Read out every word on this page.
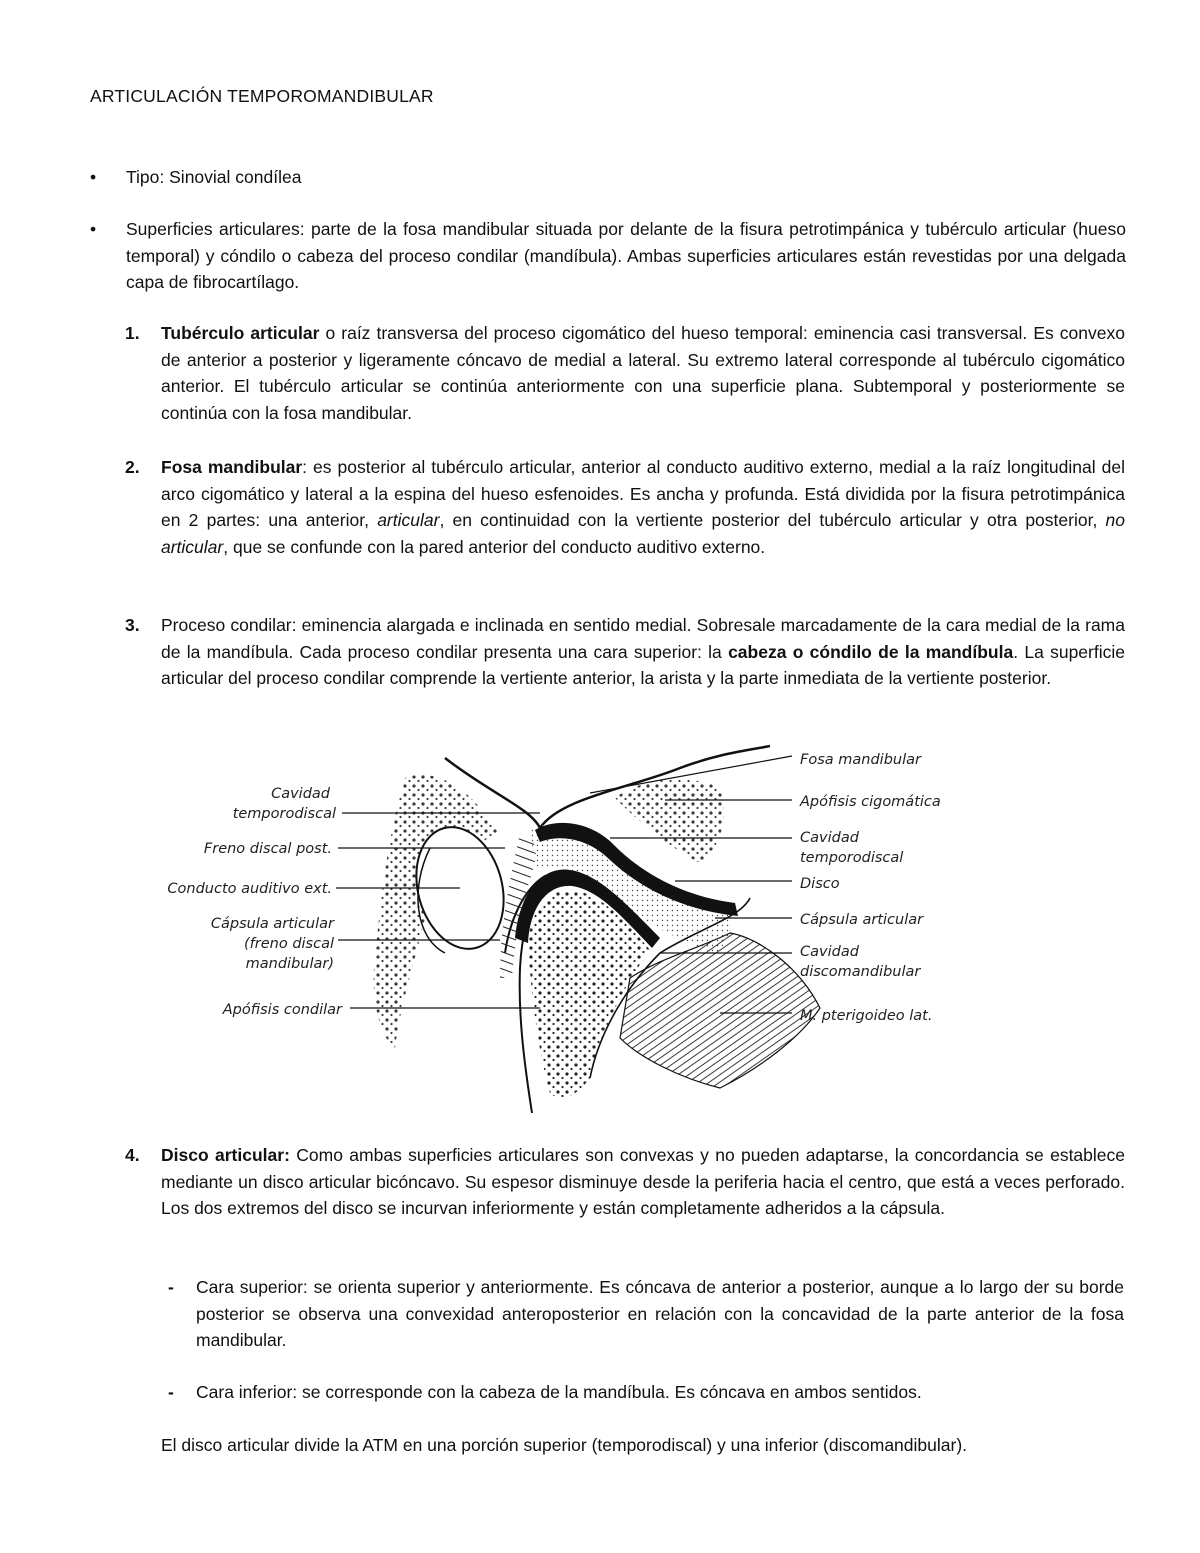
ARTICULACIÓN TEMPOROMANDIBULAR
•	Tipo: Sinovial condílea
•	Superficies articulares: parte de la fosa mandibular situada por delante de la fisura petrotimpánica y tubérculo articular (hueso temporal) y cóndilo o cabeza del proceso condilar (mandíbula). Ambas superficies articulares están revestidas por una delgada capa de fibrocartílago.
1. Tubérculo articular o raíz transversa del proceso cigomático del hueso temporal: eminencia casi transversal. Es convexo de anterior a posterior y ligeramente cóncavo de medial a lateral. Su extremo lateral corresponde al tubérculo cigomático anterior. El tubérculo articular se continúa anteriormente con una superficie plana. Subtemporal y posteriormente se continúa con la fosa mandibular.
2. Fosa mandibular: es posterior al tubérculo articular, anterior al conducto auditivo externo, medial a la raíz longitudinal del arco cigomático y lateral a la espina del hueso esfenoides. Es ancha y profunda. Está dividida por la fisura petrotimpánica en 2 partes: una anterior, articular, en continuidad con la vertiente posterior del tubérculo articular y otra posterior, no articular, que se confunde con la pared anterior del conducto auditivo externo.
3. Proceso condilar: eminencia alargada e inclinada en sentido medial. Sobresale marcadamente de la cara medial de la rama de la mandíbula. Cada proceso condilar presenta una cara superior: la cabeza o cóndilo de la mandíbula. La superficie articular del proceso condilar comprende la vertiente anterior, la arista y la parte inmediata de la vertiente posterior.
Cavidad
temporodiscal
Freno discal post.
Conducto auditivo ext.
Cápsula articular
(freno discal
mandibular)
Apófisis condilar
Fosa mandibular
Apófisis cigomática
Cavidad
temporodiscal
Disco
Cápsula articular
Cavidad
discomandibular
M. pterigoideo lat.
4. Disco articular: Como ambas superficies articulares son convexas y no pueden adaptarse, la concordancia se establece mediante un disco articular bicóncavo. Su espesor disminuye desde la periferia hacia el centro, que está a veces perforado. Los dos extremos del disco se incurvan inferiormente y están completamente adheridos a la cápsula.
- Cara superior: se orienta superior y anteriormente. Es cóncava de anterior a posterior, aunque a lo largo der su borde posterior se observa una convexidad anteroposterior en relación con la concavidad de la parte anterior de la fosa mandibular.
- Cara inferior: se corresponde con la cabeza de la mandíbula. Es cóncava en ambos sentidos.
El disco articular divide la ATM en una porción superior (temporodiscal) y una inferior (discomandibular).
